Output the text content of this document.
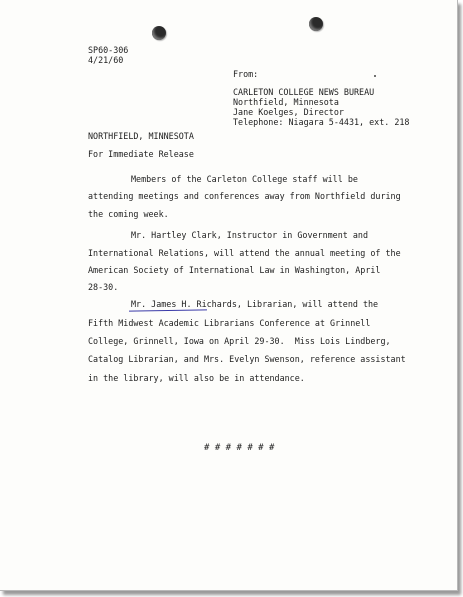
SP60-306
4/21/60
From:
CARLETON COLLEGE NEWS BUREAU
Northfield, Minnesota
Jane Koelges, Director
Telephone: Niagara 5-4431, ext. 218
NORTHFIELD, MINNESOTA
For Immediate Release
Members of the Carleton College staff will be
attending meetings and conferences away from Northfield during
the coming week.
Mr. Hartley Clark, Instructor in Government and
International Relations, will attend the annual meeting of the
American Society of International Law in Washington, April
28-30.
Mr. James H. Richards, Librarian, will attend the
Fifth Midwest Academic Librarians Conference at Grinnell
College, Grinnell, Iowa on April 29-30.  Miss Lois Lindberg,
Catalog Librarian, and Mrs. Evelyn Swenson, reference assistant
in the library, will also be in attendance.
# # # # # # #
